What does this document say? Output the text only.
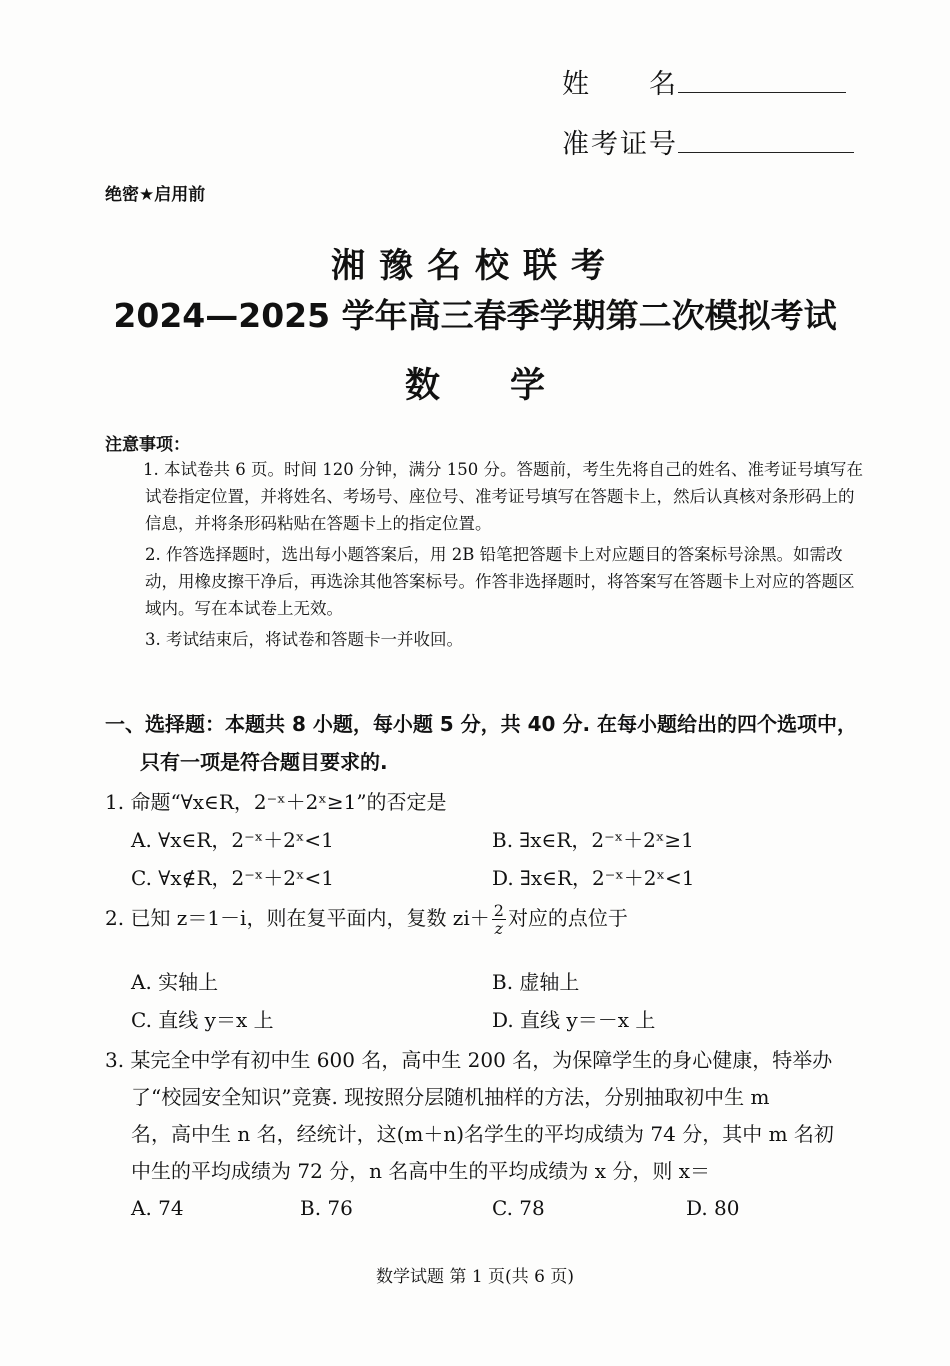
姓　　名
准考证号
绝密★启用前
湘豫名校联考
2024—2025 学年高三春季学期第二次模拟考试
数　　学
注意事项：

1. 本试卷共 6 页。时间 120 分钟，满分 150 分。答题前，考生先将自己的姓名、准考证号填写在试卷指定位置，并将姓名、考场号、座位号、准考证号填写在答题卡上，然后认真核对条形码上的信息，并将条形码粘贴在答题卡上的指定位置。

2. 作答选择题时，选出每小题答案后，用 2B 铅笔把答题卡上对应题目的答案标号涂黑。如需改动，用橡皮擦干净后，再选涂其他答案标号。作答非选择题时，将答案写在答题卡上对应的答题区域内。写在本试卷上无效。

3. 考试结束后，将试卷和答题卡一并收回。

一、选择题：本题共 8 小题，每小题 5 分，共 40 分. 在每小题给出的四个选项中，
只有一项是符合题目要求的.
1. 命题“∀x∈R，2⁻ˣ＋2ˣ≥1”的否定是
A. ∀x∈R，2⁻ˣ＋2ˣ<1	B. ∃x∈R，2⁻ˣ＋2ˣ≥1
C. ∀x∉R，2⁻ˣ＋2ˣ<1	D. ∃x∈R，2⁻ˣ＋2ˣ<1
2. 已知 z＝1－i，则在复平面内，复数 $zi+ \frac{2}{z}$ 对应的点位于
A. 实轴上	B. 虚轴上
C. 直线 y＝x 上	D. 直线 y＝－x 上
3. 某完全中学有初中生 600 名，高中生 200 名，为保障学生的身心健康，特举办
了“校园安全知识”竞赛. 现按照分层随机抽样的方法，分别抽取初中生 m
名，高中生 n 名，经统计，这(m＋n)名学生的平均成绩为 74 分，其中 m 名初
中生的平均成绩为 72 分，n 名高中生的平均成绩为 x 分，则 x＝
A. 74	B. 76	C. 78	D. 80
数学试题 第 1 页(共 6 页)
